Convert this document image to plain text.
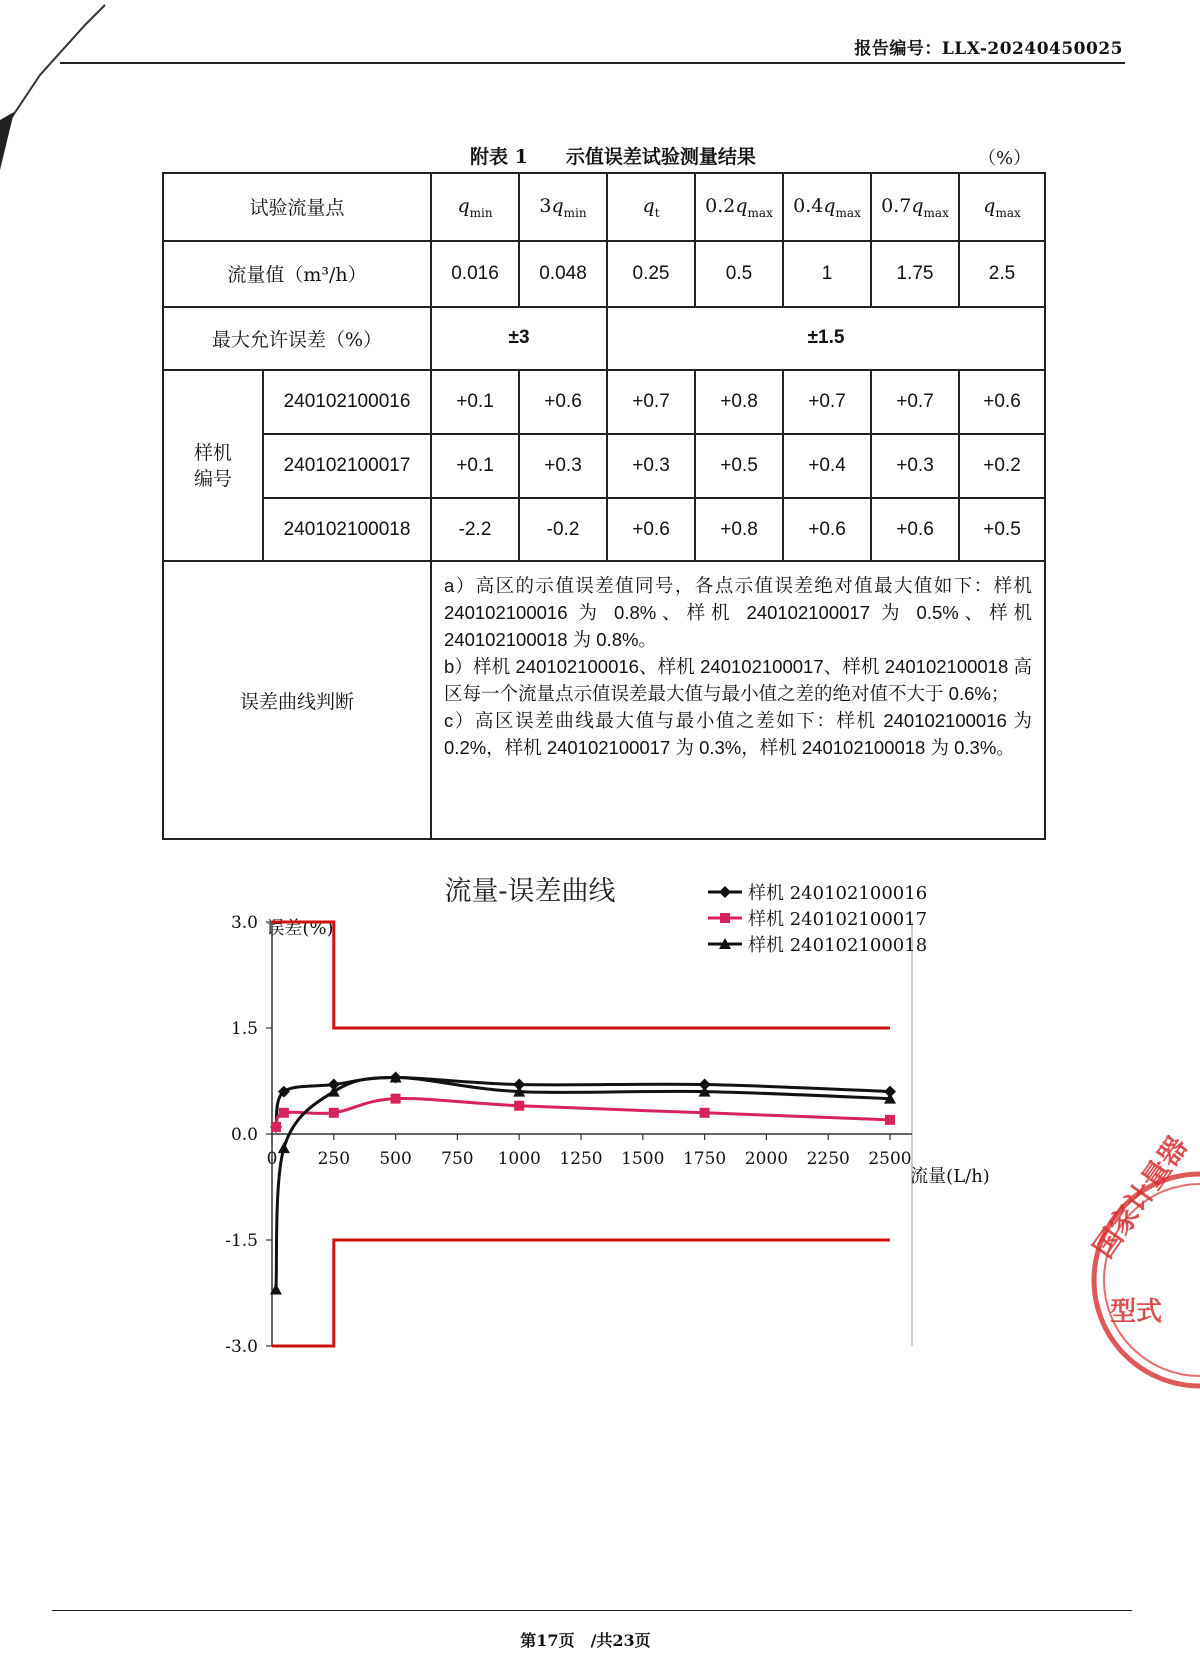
报告编号：LLX-20240450025
附表 1　　示值误差试验测量结果	（%）
试验流量点		$q_{min}$	$3q_{min}$	$q_t$	$0.2q_{max}$	$0.4q_{max}$	$0.7q_{max}$	$q_{max}$
流量值（m³/h）		0.016	0.048	0.25	0.5	1	1.75	2.5
最大允许误差（%）		±3		±1.5				
样机
编号	240102100016	+0.1	+0.6	+0.7	+0.8	+0.7	+0.7	+0.6
	240102100017	+0.1	+0.3	+0.3	+0.5	+0.4	+0.3	+0.2
	240102100018	-2.2	-0.2	+0.6	+0.8	+0.6	+0.6	+0.5
误差曲线判断		a）高区的示值误差值同号，各点示值误差绝对值最大值如下：样机 240102100016 为 0.8%、样机 240102100017 为 0.5%、样机 240102100018 为 0.8%。

b）样机 240102100016、样机 240102100017、样机 240102100018 高区每一个流量点示值误差最大值与最小值之差的绝对值不大于 0.6%；

c）高区误差曲线最大值与最小值之差如下：样机 240102100016 为 0.2%，样机 240102100017 为 0.3%，样机 240102100018 为 0.3%。						

流量-误差曲线
误差(%)
流量(L/h)
3.0
1.5
0.0
-1.5
-3.0
0 250 500 750 1000 1250 1500 1750 2000 2250 2500
样机 240102100016
样机 240102100017
样机 240102100018
国家计量器
型式
第17页　/共23页
